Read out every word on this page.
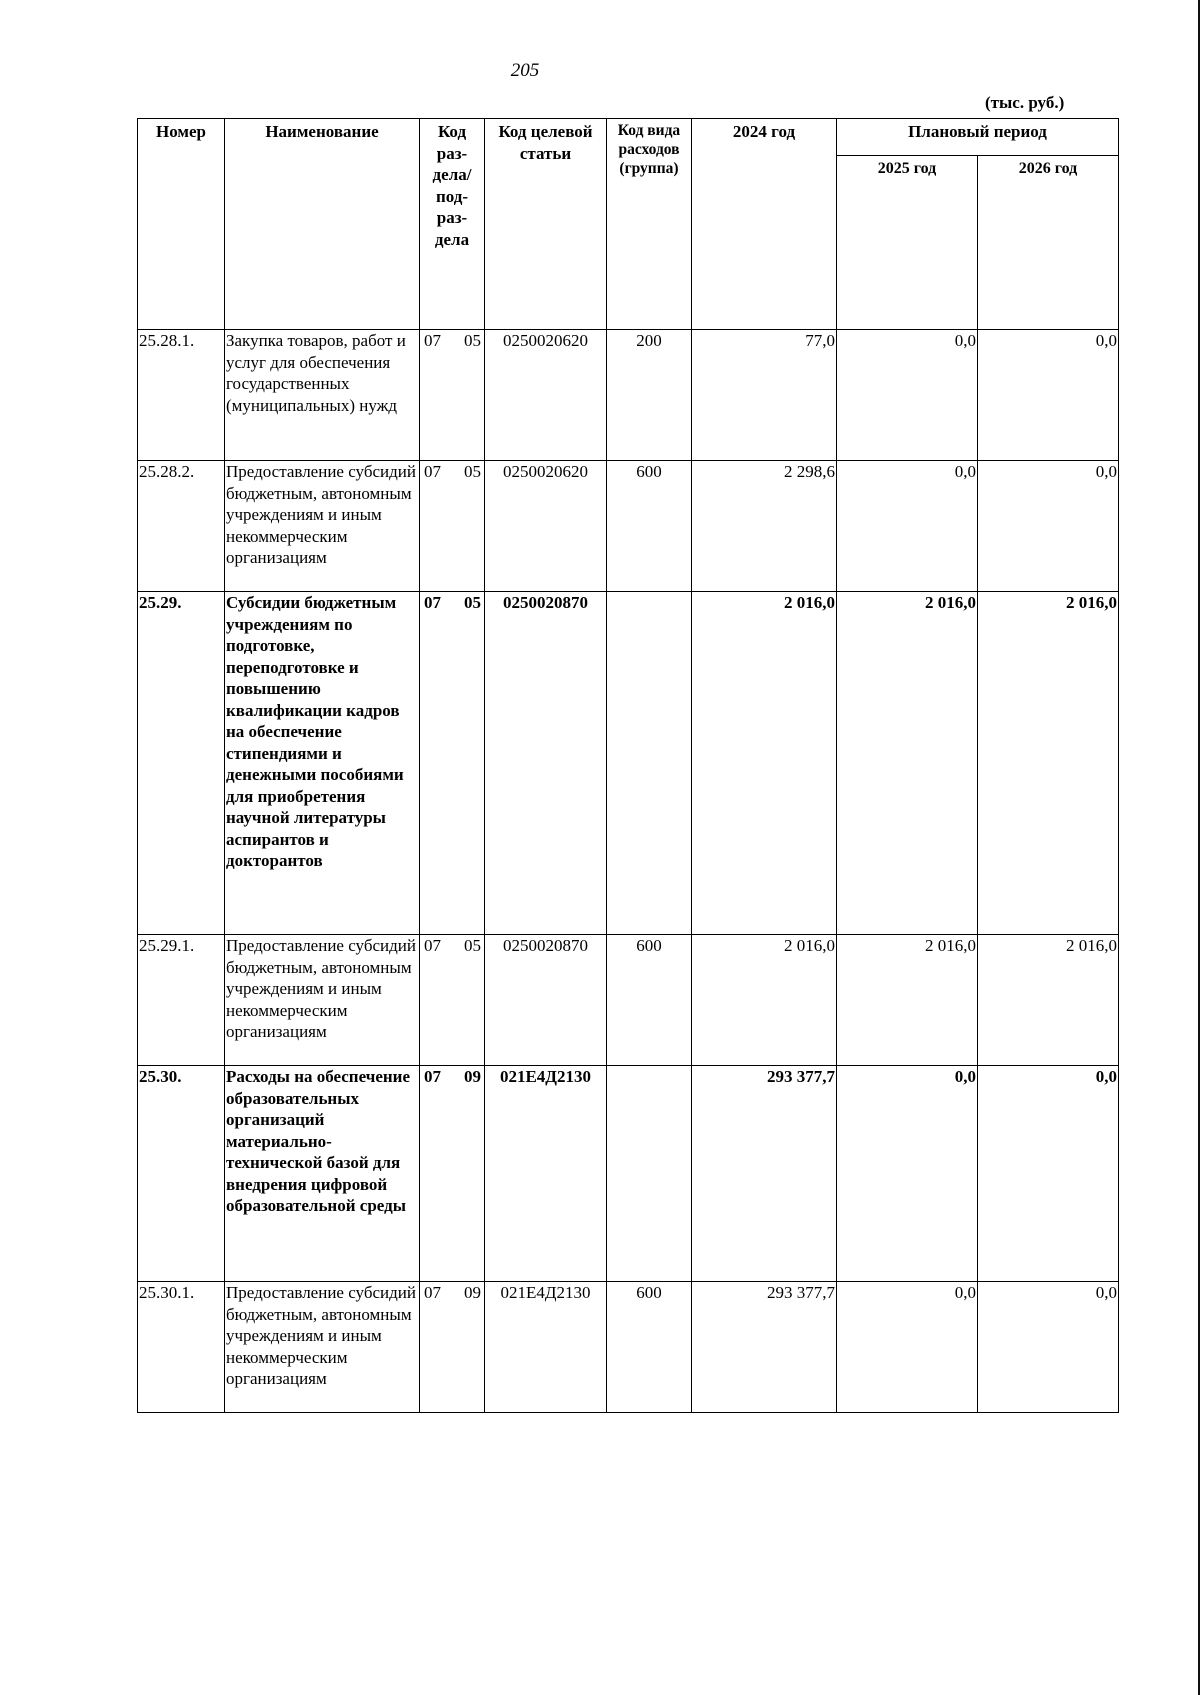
205
(тыс. руб.)
Номер	Наименование	Код раз-дела/ под-раз-дела	Код целевой статьи	Код вида расходов (группа)	2024 год	Плановый период	
						2025 год	2026 год
25.28.1.	Закупка товаров, работ и услуг для обеспечения государственных (муниципальных) нужд	07 05	0250020620	200	77,0	0,0	0,0
25.28.2.	Предоставление субсидий бюджетным, автономным учреждениям и иным некоммерческим организациям	07 05	0250020620	600	2 298,6	0,0	0,0
25.29.	Субсидии бюджетным учреждениям по подготовке, переподготовке и повышению квалификации кадров на обеспечение стипендиями и денежными пособиями для приобретения научной литературы аспирантов и докторантов	07 05	0250020870		2 016,0	2 016,0	2 016,0
25.29.1.	Предоставление субсидий бюджетным, автономным учреждениям и иным некоммерческим организациям	07 05	0250020870	600	2 016,0	2 016,0	2 016,0
25.30.	Расходы на обеспечение образовательных организаций материально-технической базой для внедрения цифровой образовательной среды	07 09	021Е4Д2130		293 377,7	0,0	0,0
25.30.1.	Предоставление субсидий бюджетным, автономным учреждениям и иным некоммерческим организациям	07 09	021Е4Д2130	600	293 377,7	0,0	0,0
